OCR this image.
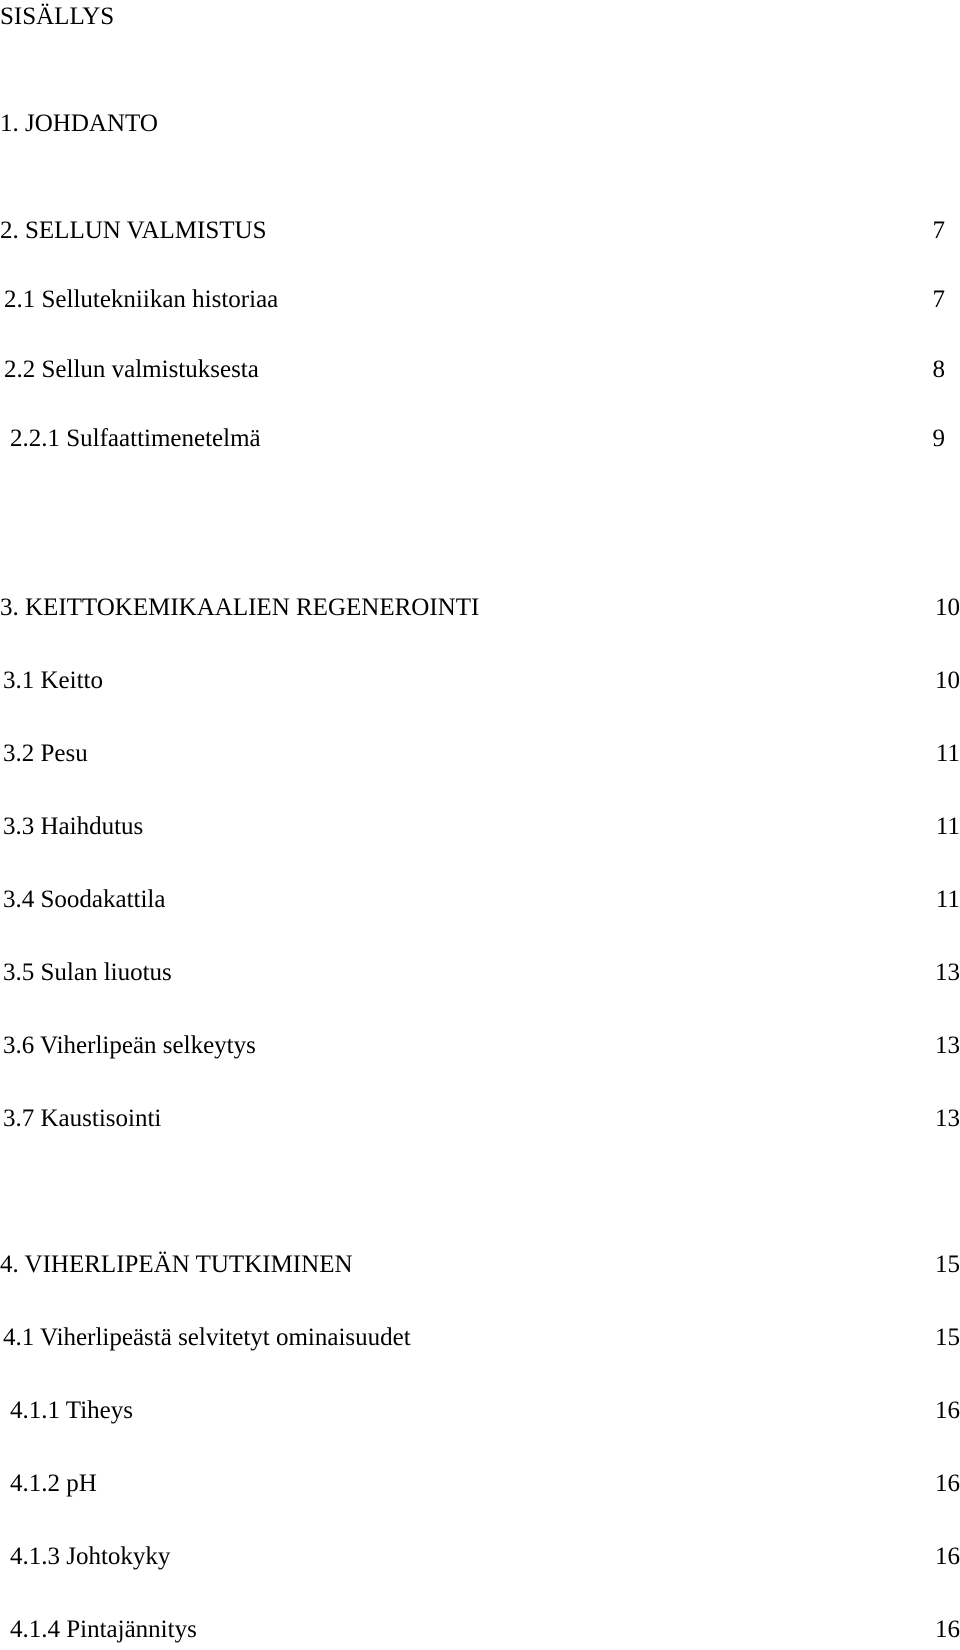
SISÄLLYS
1. JOHDANTO
2. SELLUN VALMISTUS	7
2.1 Sellutekniikan historiaa	7
2.2 Sellun valmistuksesta	8
2.2.1 Sulfaattimenetelmä	9
3. KEITTOKEMIKAALIEN REGENEROINTI	10
3.1 Keitto	10
3.2 Pesu	11
3.3 Haihdutus	11
3.4 Soodakattila	11
3.5 Sulan liuotus	13
3.6 Viherlipeän selkeytys	13
3.7 Kaustisointi	13
4. VIHERLIPEÄN TUTKIMINEN	15
4.1 Viherlipeästä selvitetyt ominaisuudet	15
4.1.1 Tiheys	16
4.1.2 pH	16
4.1.3 Johtokyky	16
4.1.4 Pintajännitys	16
